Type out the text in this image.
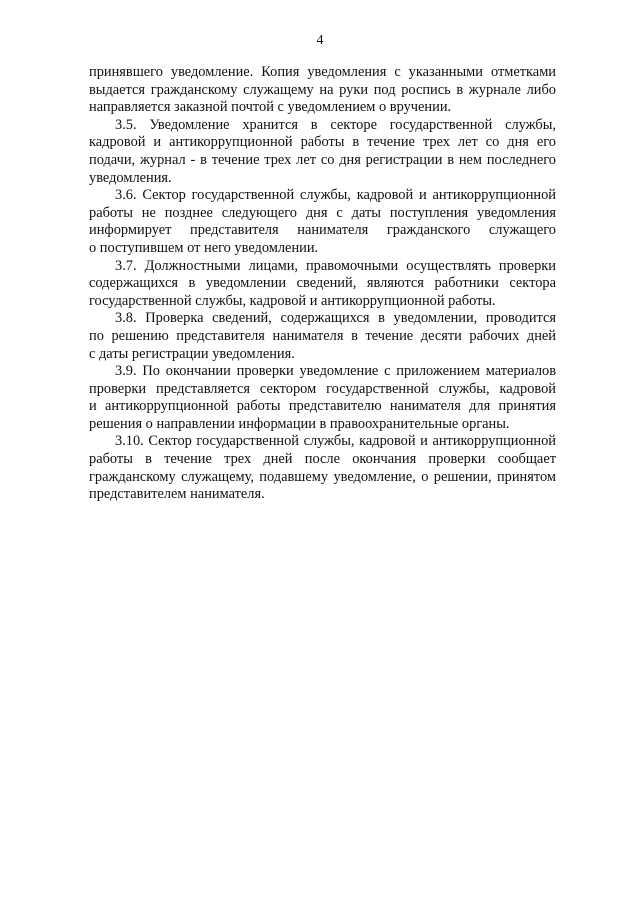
4
принявшего уведомление. Копия уведомления с указанными отметками
выдается гражданскому служащему на руки под роспись в журнале либо
направляется заказной почтой с уведомлением о вручении.
3.5. Уведомление хранится в секторе государственной службы,
кадровой и антикоррупционной работы в течение трех лет со дня его
подачи, журнал - в течение трех лет со дня регистрации в нем последнего
уведомления.
3.6. Сектор государственной службы, кадровой и антикоррупционной
работы не позднее следующего дня с даты поступления уведомления
информирует представителя нанимателя гражданского служащего
о поступившем от него уведомлении.
3.7. Должностными лицами, правомочными осуществлять проверки
содержащихся в уведомлении сведений, являются работники сектора
государственной службы, кадровой и антикоррупционной работы.
3.8. Проверка сведений, содержащихся в уведомлении, проводится
по решению представителя нанимателя в течение десяти рабочих дней
с даты регистрации уведомления.
3.9. По окончании проверки уведомление с приложением материалов
проверки представляется сектором государственной службы, кадровой
и антикоррупционной работы представителю нанимателя для принятия
решения о направлении информации в правоохранительные органы.
3.10. Сектор государственной службы, кадровой и антикоррупционной
работы в течение трех дней после окончания проверки сообщает
гражданскому служащему, подавшему уведомление, о решении, принятом
представителем нанимателя.
